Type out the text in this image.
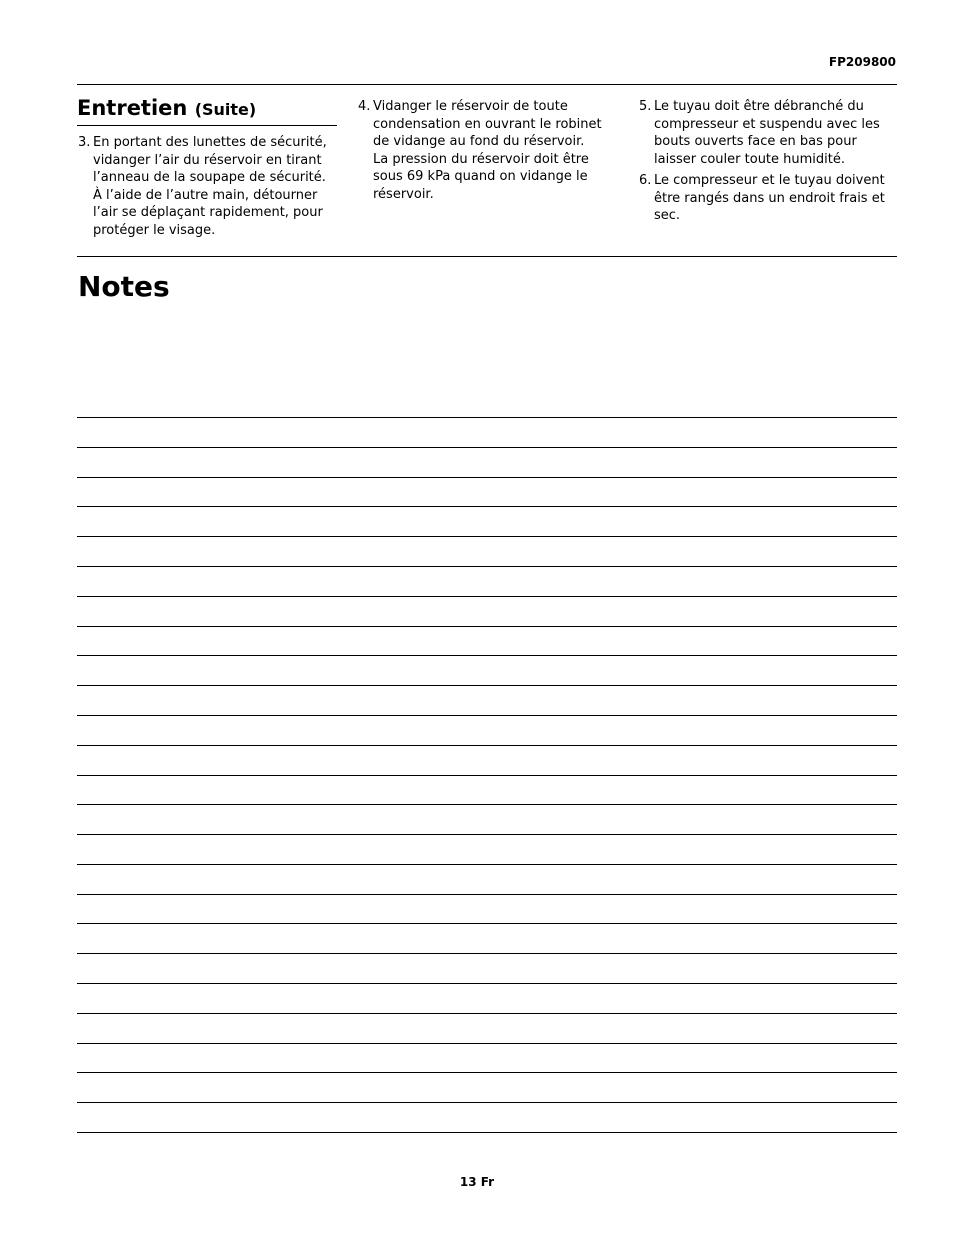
FP209800
Entretien (Suite)
3. En portant des lunettes de sécurité, vidanger l’air du réservoir en tirant l’anneau de la soupape de sécurité. À l’aide de l’autre main, détourner l’air se déplaçant rapidement, pour protéger le visage.
4. Vidanger le réservoir de toute condensation en ouvrant le robinet de vidange au fond du réservoir.
La pression du réservoir doit être sous 69 kPa quand on vidange le réservoir.
5. Le tuyau doit être débranché du compresseur et suspendu avec les bouts ouverts face en bas pour laisser couler toute humidité.
6. Le compresseur et le tuyau doivent être rangés dans un endroit frais et sec.
Notes
13 Fr
